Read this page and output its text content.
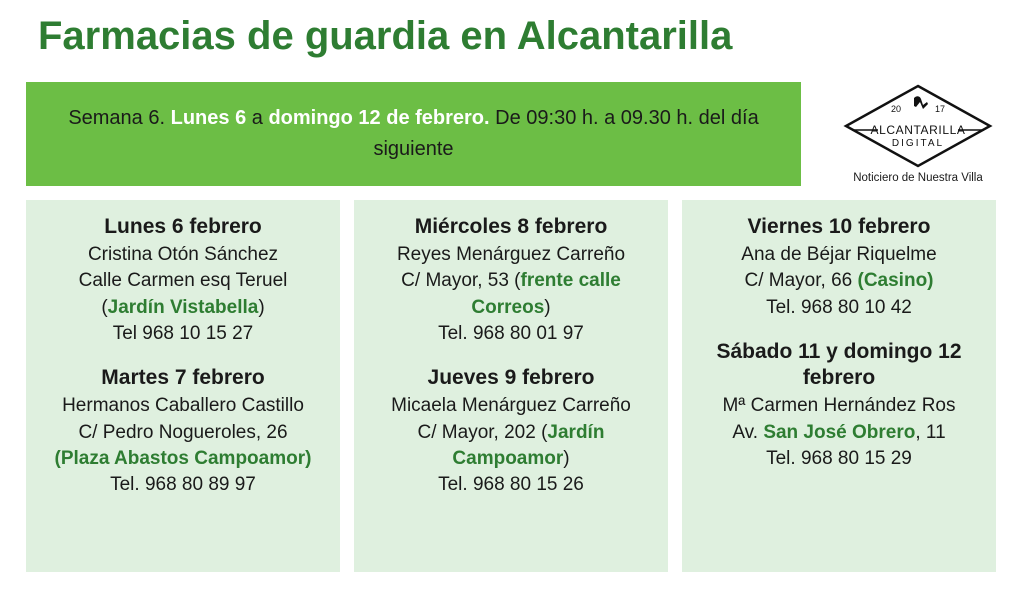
Farmacias de guardia en Alcantarilla
Semana 6. Lunes 6 a domingo 12 de febrero. De 09:30 h. a 09.30 h. del día siguiente
20	17
ALCANTARILLA
DIGITAL
Noticiero de Nuestra Villa
Lunes 6 febrero

Cristina Otón Sánchez

Calle Carmen esq Teruel

(Jardín Vistabella)

Tel 968 10 15 27

Martes 7 febrero

Hermanos Caballero Castillo

C/ Pedro Nogueroles, 26

(Plaza Abastos Campoamor)

Tel. 968 80 89 97

Miércoles 8 febrero

Reyes Menárguez Carreño

C/ Mayor, 53 (frente calle Correos)

Tel. 968 80 01 97

Jueves 9 febrero

Micaela Menárguez Carreño

C/ Mayor, 202 (Jardín Campoamor)

Tel. 968 80 15 26

Viernes 10 febrero

Ana de Béjar Riquelme

C/ Mayor, 66 (Casino)

Tel. 968 80 10 42

Sábado 11 y domingo 12 febrero

Mª Carmen Hernández Ros

Av. San José Obrero, 11

Tel. 968 80 15 29
